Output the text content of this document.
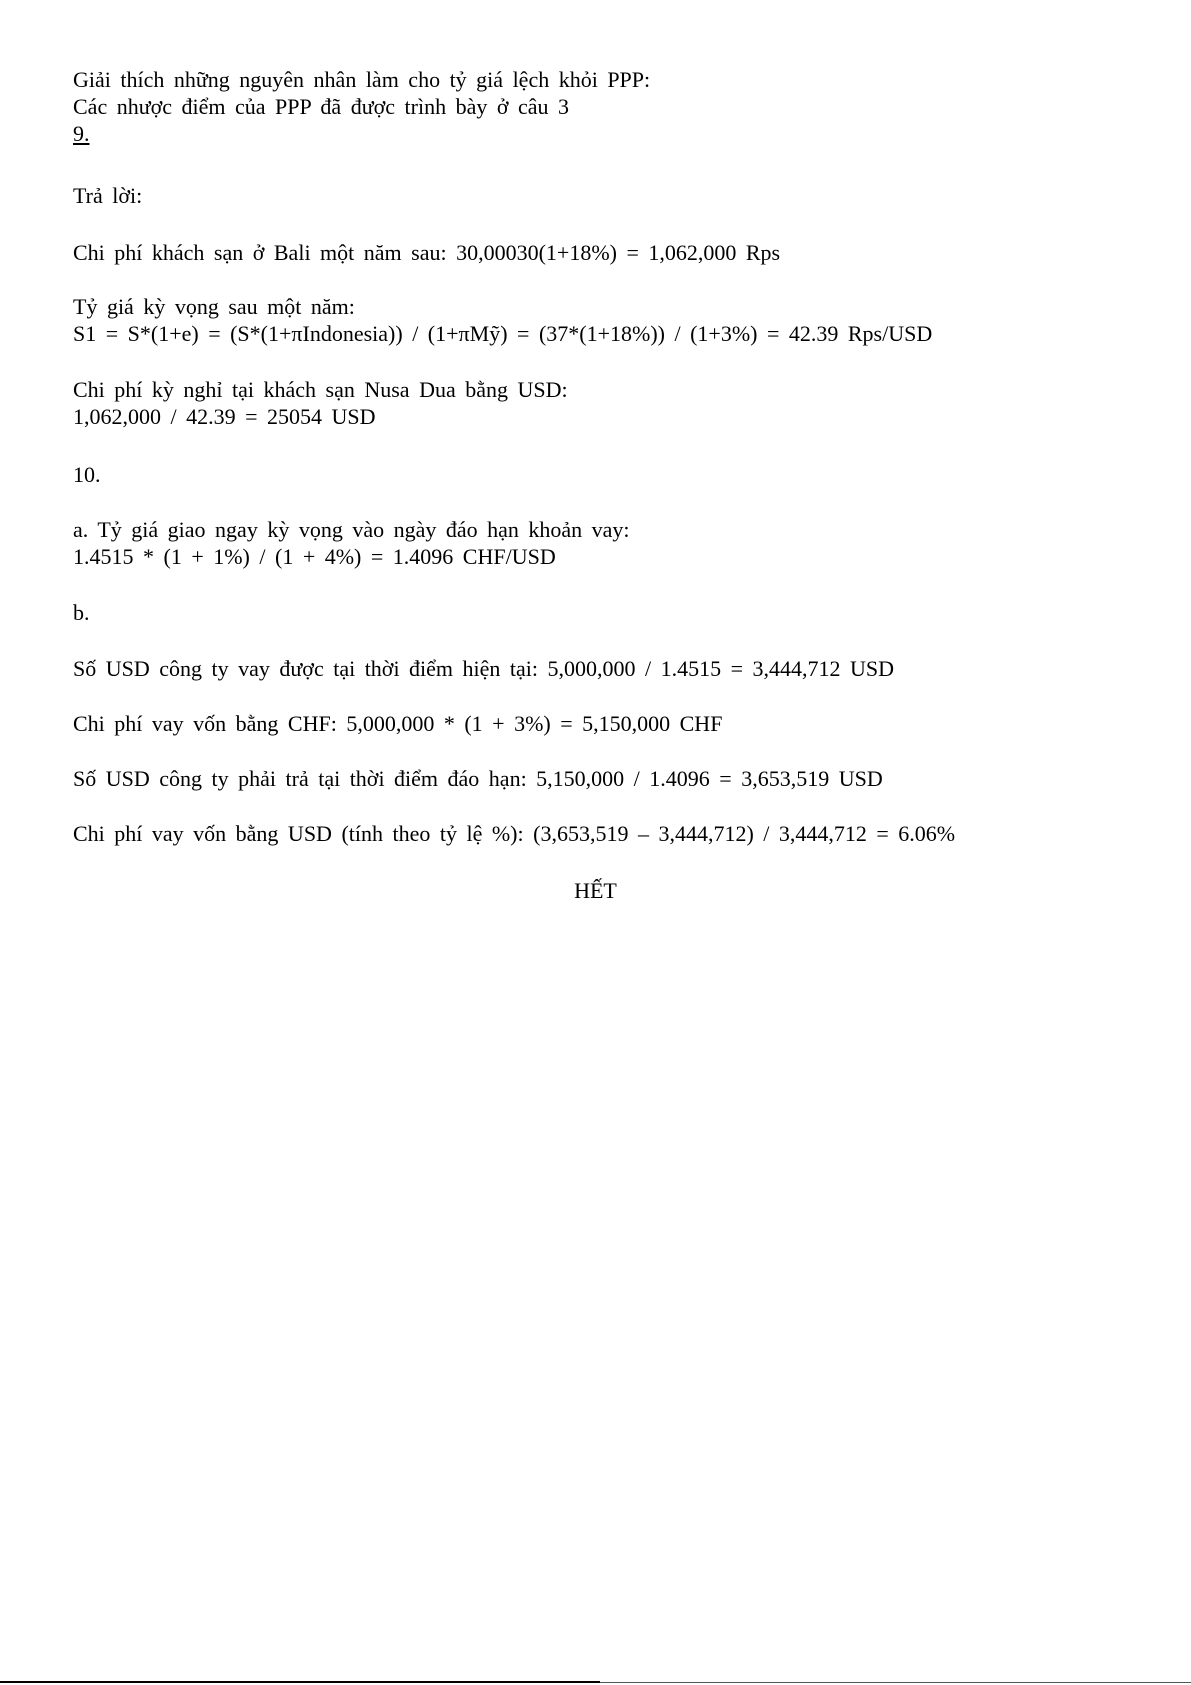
Giải thích những nguyên nhân làm cho tỷ giá lệch khỏi PPP:
Các nhược điểm của PPP đã được trình bày ở câu 3
9.
Trả lời:
Chi phí khách sạn ở Bali một năm sau: 30,00030(1+18%) = 1,062,000 Rps
Tỷ giá kỳ vọng sau một năm:
S1 = S*(1+e) = (S*(1+πIndonesia)) / (1+πMỹ) = (37*(1+18%)) / (1+3%) = 42.39 Rps/USD
Chi phí kỳ nghỉ tại khách sạn Nusa Dua bằng USD:
1,062,000 / 42.39 = 25054 USD
10.
a. Tỷ giá giao ngay kỳ vọng vào ngày đáo hạn khoản vay:
1.4515 * (1 + 1%) / (1 + 4%) = 1.4096 CHF/USD
b.
Số USD công ty vay được tại thời điểm hiện tại: 5,000,000 / 1.4515 = 3,444,712 USD
Chi phí vay vốn bằng CHF: 5,000,000 * (1 + 3%) = 5,150,000 CHF
Số USD công ty phải trả tại thời điểm đáo hạn: 5,150,000 / 1.4096 = 3,653,519 USD
Chi phí vay vốn bằng USD (tính theo tỷ lệ %): (3,653,519 – 3,444,712) / 3,444,712 = 6.06%
HẾT
